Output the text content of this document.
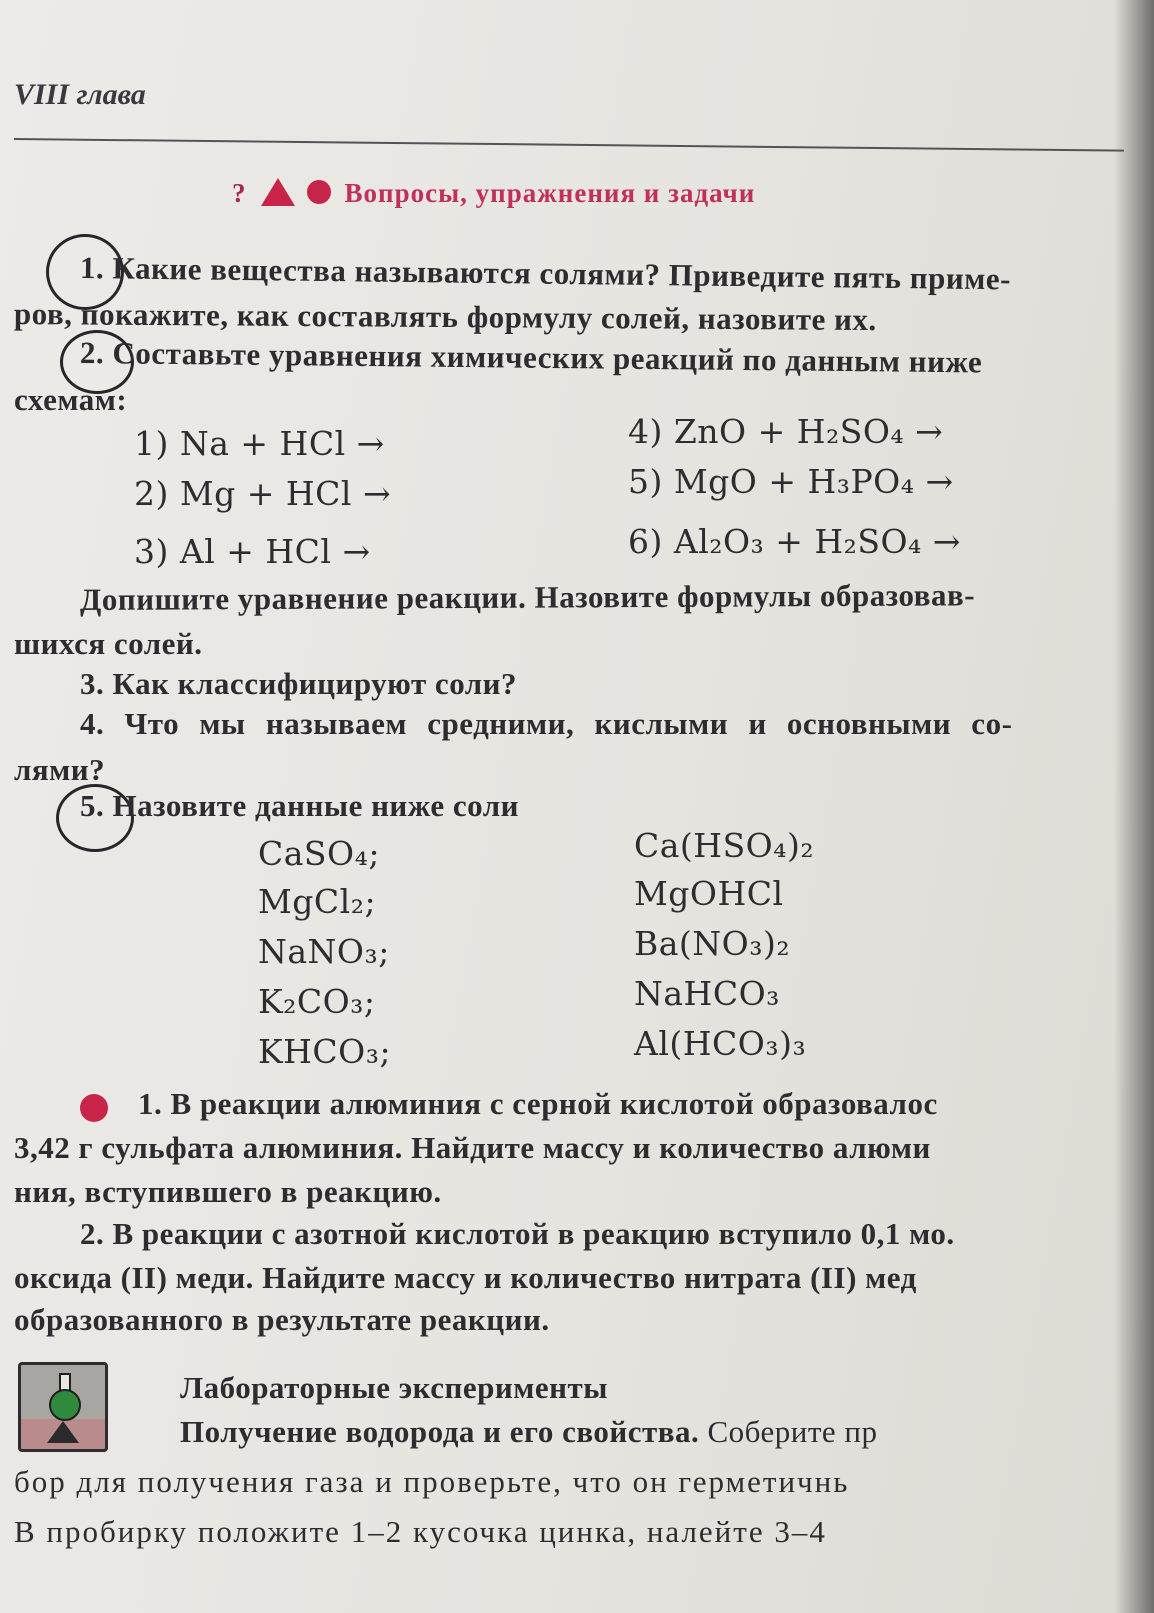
VIII глава
?	Вопросы, упражнения и задачи
1. Какие вещества называются солями? Приведите пять приме-
ров, покажите, как составлять формулу солей, назовите их.
2. Составьте уравнения химических реакций по данным ниже
схемам:
1) Na + HCl →
2) Mg + HCl →
3) Al + HCl →
4) ZnO + H₂SO₄ →
5) MgO + H₃PO₄ →
6) Al₂O₃ + H₂SO₄ →
Допишите уравнение реакции. Назовите формулы образовав-
шихся солей.
3. Как классифицируют соли?
4. Что мы называем средними, кислыми и основными со-
лями?
5. Назовите данные ниже соли
CaSO₄;
MgCl₂;
NaNO₃;
K₂CO₃;
KHCO₃;
Ca(HSO₄)₂
MgOHCl
Ba(NO₃)₂
NaHCO₃
Al(HCO₃)₃
1. В реакции алюминия с серной кислотой образовалос
3,42 г сульфата алюминия. Найдите массу и количество алюми
ния, вступившего в реакцию.
2. В реакции с азотной кислотой в реакцию вступило 0,1 мо.
оксида (II) меди. Найдите массу и количество нитрата (II) мед
образованного в результате реакции.
Лабораторные эксперименты
Получение водорода и его свойства. Соберите пр
бор для получения газа и проверьте, что он герметичнь
В пробирку положите 1–2 кусочка цинка, налейте 3–4
